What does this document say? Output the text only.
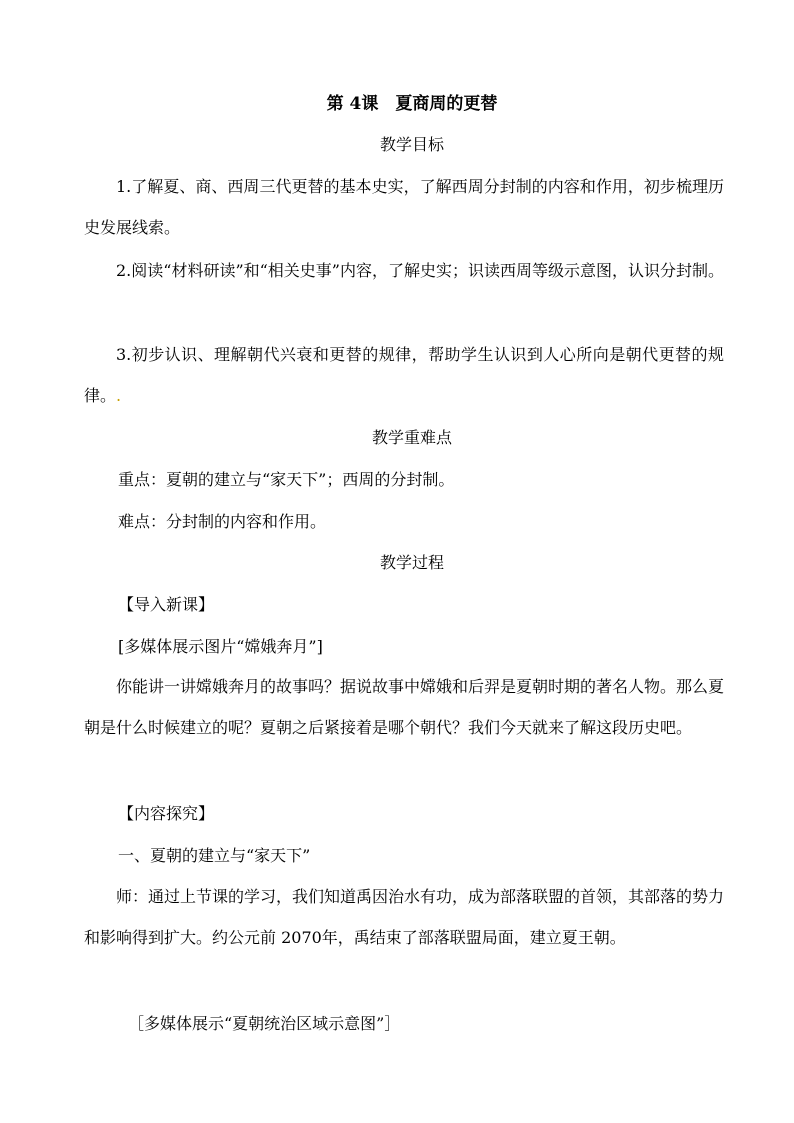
第 4课　夏商周的更替
教学目标

1.了解夏、商、西周三代更替的基本史实，了解西周分封制的内容和作用，初步梳理历史发展线索。

2.阅读“材料研读”和“相关史事”内容，了解史实；识读西周等级示意图，认识分封制。

3.初步认识、理解朝代兴衰和更替的规律，帮助学生认识到人心所向是朝代更替的规律。.

教学重难点
重点：夏朝的建立与“家天下”；西周的分封制。
难点：分封制的内容和作用。
教学过程
【导入新课】
[多媒体展示图片“嫦娥奔月”]

你能讲一讲嫦娥奔月的故事吗？据说故事中嫦娥和后羿是夏朝时期的著名人物。那么夏朝是什么时候建立的呢？夏朝之后紧接着是哪个朝代？我们今天就来了解这段历史吧。

【内容探究】
一、夏朝的建立与“家天下”

师：通过上节课的学习，我们知道禹因治水有功，成为部落联盟的首领，其部落的势力和影响得到扩大。约公元前 2070年，禹结束了部落联盟局面，建立夏王朝。

［多媒体展示“夏朝统治区域示意图”］
